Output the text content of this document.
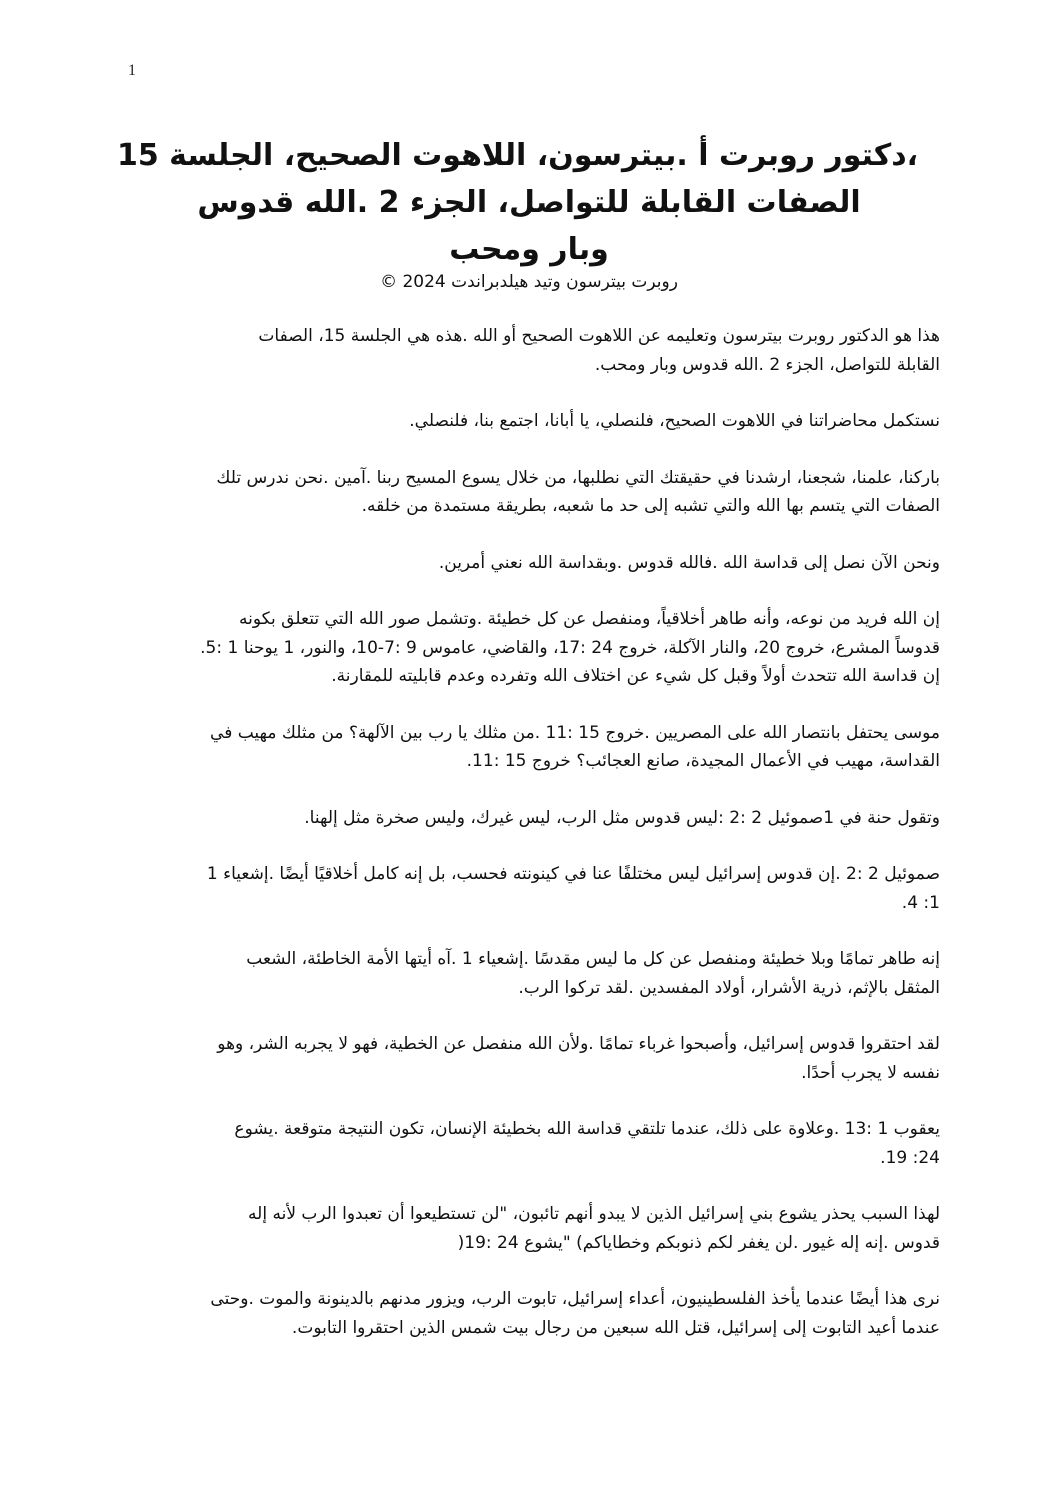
1
،دكتور روبرت أ .بيترسون، اللاهوت الصحيح، الجلسة 15
الصفات القابلة للتواصل، الجزء 2 .الله قدوس
وبار ومحب
روبرت بيترسون وتيد هيلدبراندت 2024 ©

هذا هو الدكتور روبرت بيترسون وتعليمه عن اللاهوت الصحيح أو الله .هذه هي الجلسة 15، الصفات
القابلة للتواصل، الجزء 2 .الله قدوس وبار ومحب.

نستكمل محاضراتنا في اللاهوت الصحيح، فلنصلي، يا أبانا، اجتمع بنا، فلنصلي.

باركنا، علمنا، شجعنا، ارشدنا في حقيقتك التي نطلبها، من خلال يسوع المسيح ربنا .آمين .نحن ندرس تلك
الصفات التي يتسم بها الله والتي تشبه إلى حد ما شعبه، بطريقة مستمدة من خلقه.

ونحن الآن نصل إلى قداسة الله .فالله قدوس .وبقداسة الله نعني أمرين.

إن الله فريد من نوعه، وأنه طاهر أخلاقياً، ومنفصل عن كل خطيئة .وتشمل صور الله التي تتعلق بكونه
قدوساً المشرع، خروج 20، والنار الآكلة، خروج 24 :17، والقاضي، عاموس 9 :7-10، والنور، 1 يوحنا 1 :5.
إن قداسة الله تتحدث أولاً وقبل كل شيء عن اختلاف الله وتفرده وعدم قابليته للمقارنة.

موسى يحتفل بانتصار الله على المصريين .خروج 15 :11 .من مثلك يا رب بين الآلهة؟ من مثلك مهيب في
القداسة، مهيب في الأعمال المجيدة، صانع العجائب؟ خروج 15 :11.

وتقول حنة في 1صموئيل 2 :2 :ليس قدوس مثل الرب، ليس غيرك، وليس صخرة مثل إلهنا.

صموئيل 2 :2 .إن قدوس إسرائيل ليس مختلفًا عنا في كينونته فحسب، بل إنه كامل أخلاقيًا أيضًا .إشعياء 1
1: 4.

إنه طاهر تمامًا وبلا خطيئة ومنفصل عن كل ما ليس مقدسًا .إشعياء 1 .آه أيتها الأمة الخاطئة، الشعب
المثقل بالإثم، ذرية الأشرار، أولاد المفسدين .لقد تركوا الرب.

لقد احتقروا قدوس إسرائيل، وأصبحوا غرباء تمامًا .ولأن الله منفصل عن الخطية، فهو لا يجربه الشر، وهو
نفسه لا يجرب أحدًا.

يعقوب 1 :13 .وعلاوة على ذلك، عندما تلتقي قداسة الله بخطيئة الإنسان، تكون النتيجة متوقعة .يشوع
24: 19.

لهذا السبب يحذر يشوع بني إسرائيل الذين لا يبدو أنهم تائبون، "لن تستطيعوا أن تعبدوا الرب لأنه إله
قدوس .إنه إله غيور .لن يغفر لكم ذنوبكم وخطاياكم) "يشوع 24 :19(

نرى هذا أيضًا عندما يأخذ الفلسطينيون، أعداء إسرائيل، تابوت الرب، ويزور مدنهم بالدينونة والموت .وحتى
عندما أعيد التابوت إلى إسرائيل، قتل الله سبعين من رجال بيت شمس الذين احتقروا التابوت.
